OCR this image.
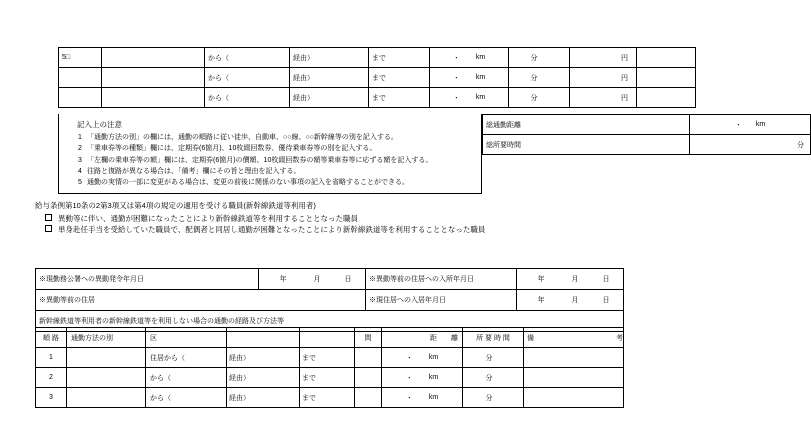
5□		から（	経由）	まで	・ km	分	円	

		から（	経由）	まで	・ km	分	円	

		から（	経由）	まで	・ km	分	円	

記入上の注意
1 「通勤方法の别」の欄には、通勤の順路に従い徒歩、自動車、○○線、○○新幹線等の別を記入する。
2 「乗車券等の種類」欄には、定期券(6箇月)、10枚綴回数券、優待乗車券等の別を記入する。
3 「左欄の乗車券等の額」欄には、定期券(6箇月)の價額、10枚綴回数券の額等乗車券等に応ずる額を記入する。
4 往路と復路が異なる場合は、「備考」欄にその旨と理由を記入する。
5 通勤の実情の一部に変更がある場合は、変更の前後に関係のない事項の記入を省略することができる。
総通勤距離	・ km

総所要時間	分
給与条例第10条の2第3項又は第4項の規定の適用を受ける職員(新幹線鉄道等利用者)
異動等に伴い、通勤が困難になったことにより新幹線鉄道等を利用することとなった職員
単身赴任手当を受給していた職員で、配偶者と同居し通勤が困難となったことにより新幹線鉄道等を利用することとなった職員
※現勤務公署への異動発令年月日	年 月 日	※異動等前の住居への入所年月日	年 月 日

※異動等前の住居		※現住居への入居年月日	年 月 日

新幹線鉄道等利用者の新幹線鉄道等を利用しない場合の通勤の経路及び方法等			
順 路	通勤方法の別	区			間	距　　離	所 要 時 間	備 考

1		住居から（	経由）	まで		・ km	分	

2		から（	経由）	まで		・ km	分	

3		から（	経由）	まで		・ km	分	
